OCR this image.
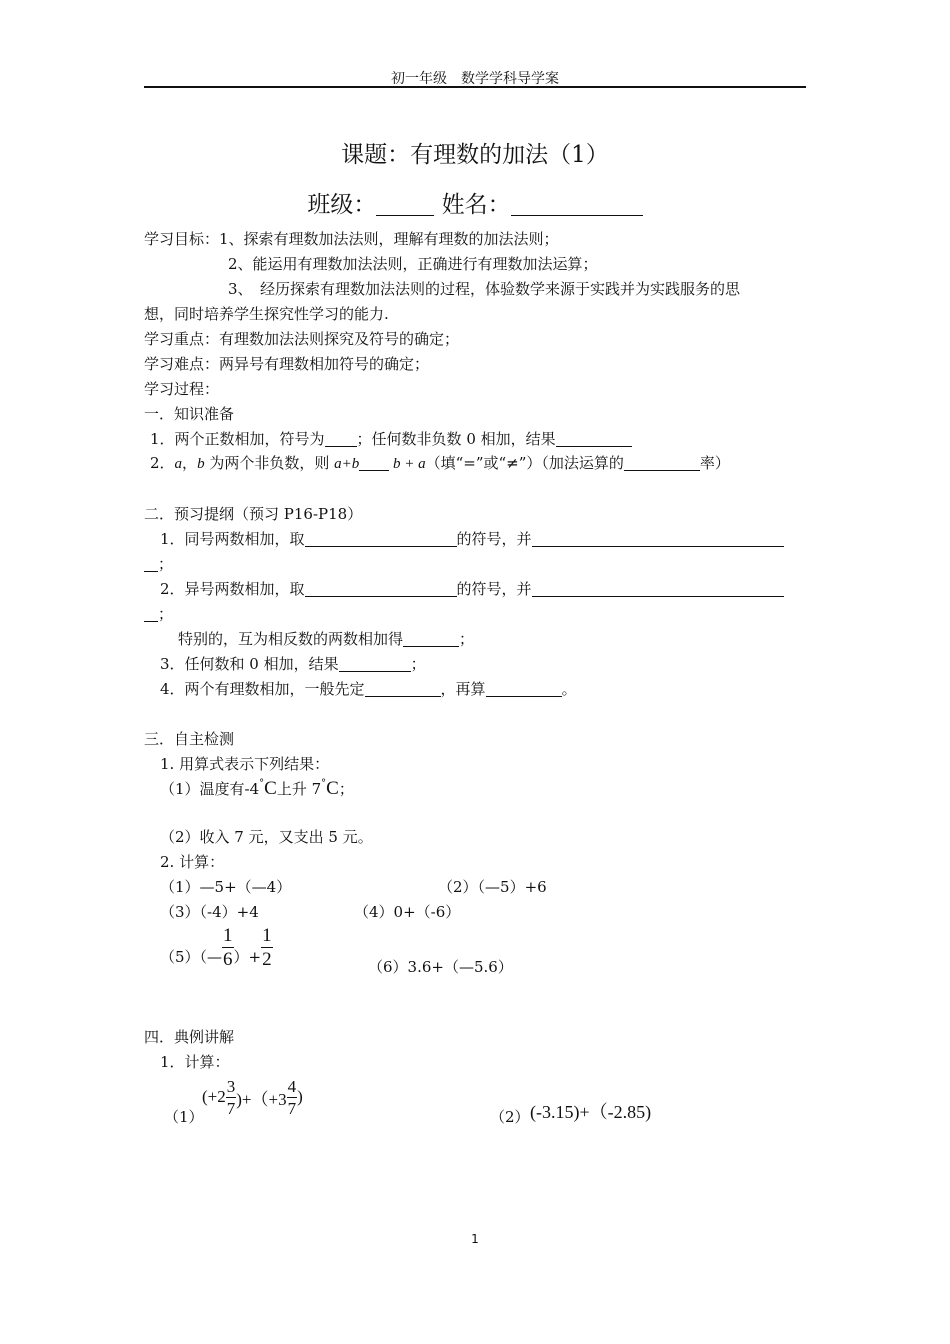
初一年级　数学学科导学案
课题：有理数的加法（1）
班级：	姓名：
学习目标：1、探索有理数加法法则，理解有理数的加法法则；
2、能运用有理数加法法则，正确进行有理数加法运算；
3、　经历探索有理数加法法则的过程，体验数学来源于实践并为实践服务的思
想，同时培养学生探究性学习的能力.
学习重点：有理数加法法则探究及符号的确定；
学习难点：两异号有理数相加符号的确定；
学习过程：
一．知识准备
1．两个正数相加，符号为 ；任何数非负数 0 相加，结果
2．a，b 为两个非负数，则 a+b b + a（填“=”或“≠”）（加法运算的	率）
二．预习提纲（预习 P16-P18）
1．同号两数相加，取	的符号，并
；
2．异号两数相加，取	的符号，并
；
特别的，互为相反数的两数相加得	；
3．任何数和 0 相加，结果	；
4．两个有理数相加，一般先定	，再算	。
三．自主检测
1. 用算式表示下列结果：
（1）温度有-4°C上升 7°C；
（2）收入 7 元，又支出 5 元。
2. 计算：
（1）—5+（—4）	（2）（—5）+6
（3）（-4）+4	（4）0+（-6）
（5）（— $\frac{1}{6}$ ）+ $\frac{1}{2}$	（6）3.6+（—5.6）
四．典例讲解
1．计算：
（1）
$(+2 \frac{3}{7} )+(+3 \frac{4}{7}$ )
（2） (-3.15)+（-2.85)
1
